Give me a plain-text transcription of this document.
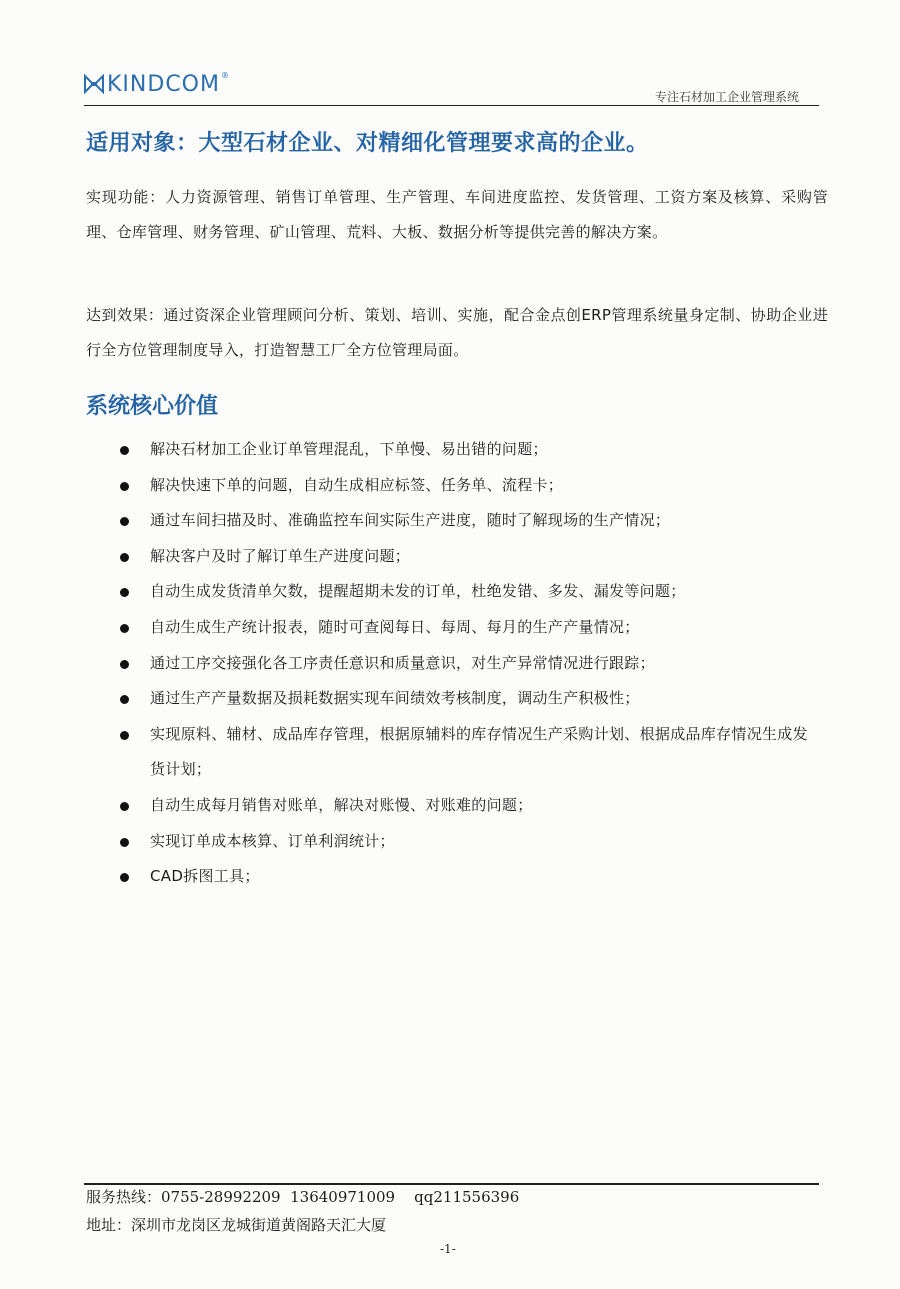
KINDCOM ®
专注石材加工企业管理系统
适用对象：大型石材企业、对精细化管理要求高的企业。
实现功能：人力资源管理、销售订单管理、生产管理、车间进度监控、发货管理、工资方案及核算、采购管理、仓库管理、财务管理、矿山管理、荒料、大板、数据分析等提供完善的解决方案。
达到效果：通过资深企业管理顾问分析、策划、培训、实施，配合金点创ERP管理系统量身定制、协助企业进行全方位管理制度导入，打造智慧工厂全方位管理局面。
系统核心价值
解决石材加工企业订单管理混乱，下单慢、易出错的问题；
解决快速下单的问题，自动生成相应标签、任务单、流程卡；
通过车间扫描及时、准确监控车间实际生产进度，随时了解现场的生产情况；
解决客户及时了解订单生产进度问题；
自动生成发货清单欠数，提醒超期未发的订单，杜绝发错、多发、漏发等问题；
自动生成生产统计报表，随时可查阅每日、每周、每月的生产产量情况；
通过工序交接强化各工序责任意识和质量意识，对生产异常情况进行跟踪；
通过生产产量数据及损耗数据实现车间绩效考核制度，调动生产积极性；
实现原料、辅材、成品库存管理，根据原辅料的库存情况生产采购计划、根据成品库存情况生成发货计划；
自动生成每月销售对账单，解决对账慢、对账难的问题；
实现订单成本核算、订单利润统计；
CAD拆图工具；
服务热线：0755-28992209  13640971009    qq211556396
地址：深圳市龙岗区龙城街道黄阁路天汇大厦
-1-
